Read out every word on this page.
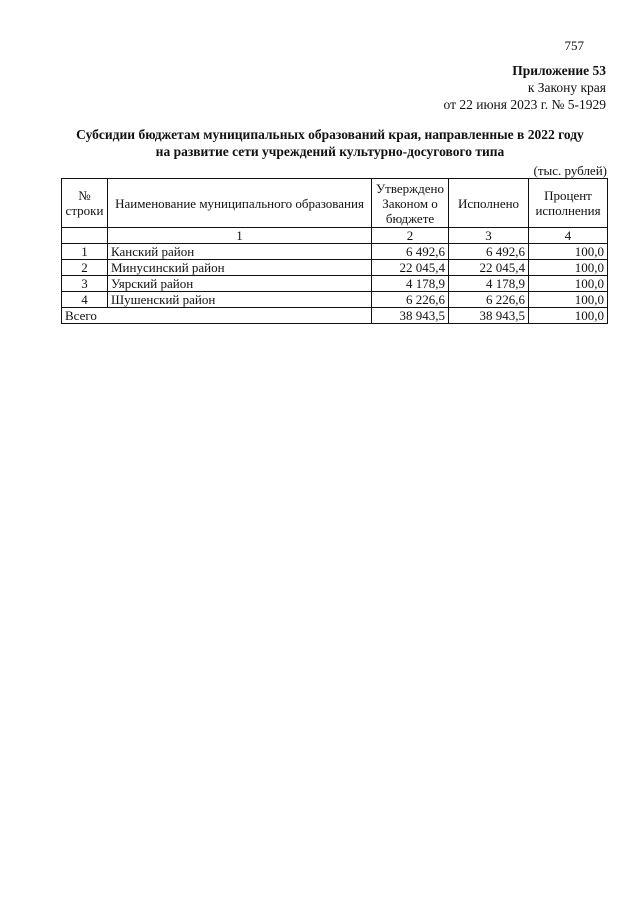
757
Приложение 53
к Закону края
от 22 июня 2023 г. № 5-1929
Субсидии бюджетам муниципальных образований края, направленные в 2022 году
на развитие сети учреждений культурно-досугового типа
(тыс. рублей)
№ строки	Наименование муниципального образования	Утверждено Законом о бюджете	Исполнено	Процент исполнения
	1	2	3	4
1	Канский район	6 492,6	6 492,6	100,0
2	Минусинский район	22 045,4	22 045,4	100,0
3	Уярский район	4 178,9	4 178,9	100,0
4	Шушенский район	6 226,6	6 226,6	100,0
Всего		38 943,5	38 943,5	100,0
